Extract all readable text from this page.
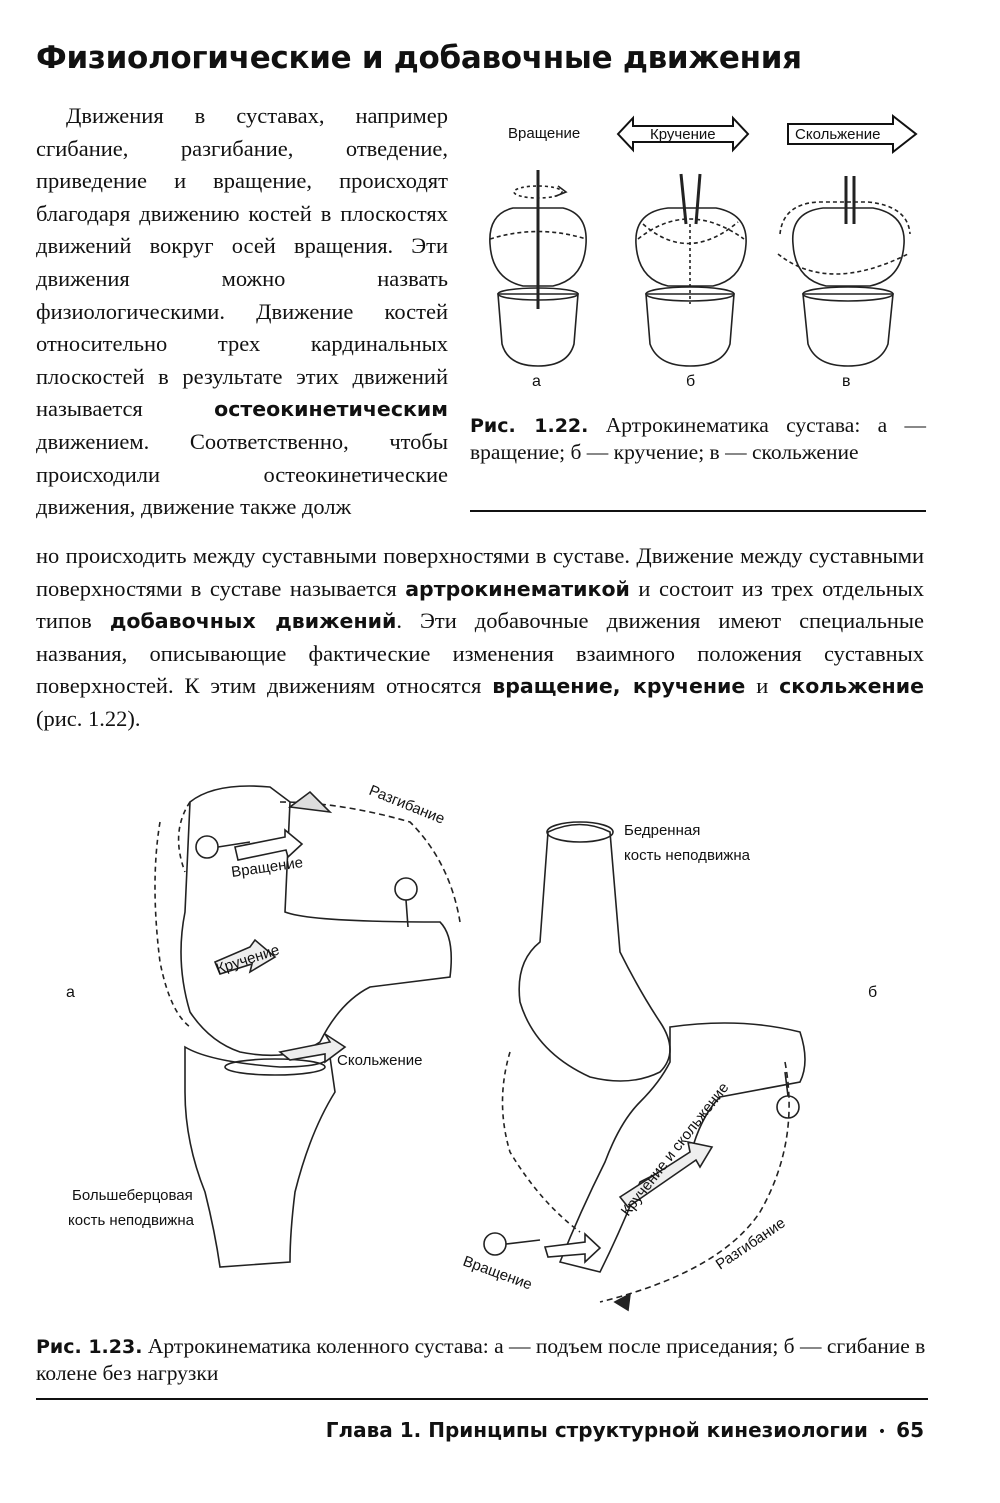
Физиологические и добавочные движения

Движения в суставах, например сгибание, разгибание, отведение, приведение и вращение, происходят благодаря движению костей в плоскостях движений вокруг осей вращения. Эти движения можно назвать физиологическими. Движение костей относительно трех кардинальных плоскостей в результате этих движений называется остеокинетическим движением. Соответственно, чтобы происходили остеокинетические движения, движение также долж

но происходить между суставными поверхностями в суставе. Движение между суставными поверхностями в суставе называется артрокинематикой и состоит из трех отдельных типов добавочных движений. Эти добавочные движения имеют специальные названия, описывающие фактические изменения взаимного положения суставных поверхностей. К этим движениям относятся вращение, кручение и скольжение (рис. 1.22).

Вращение	Кручение	Скольжение
а	б	в
Рис. 1.22. Артрокинематика сустава: а — вращение; б — кручение; в — скольжение
Разгибание
Вращение
Кручение
Скольжение
Большеберцовая
кость неподвижна
а
Бедренная
кость неподвижна
Кручение и скольжение
Разгибание
Вращение
б
Рис. 1.23. Артрокинематика коленного сустава: а — подъем после приседания; б — сгибание в колене без нагрузки
Глава 1. Принципы структурной кинезиологии • 65
